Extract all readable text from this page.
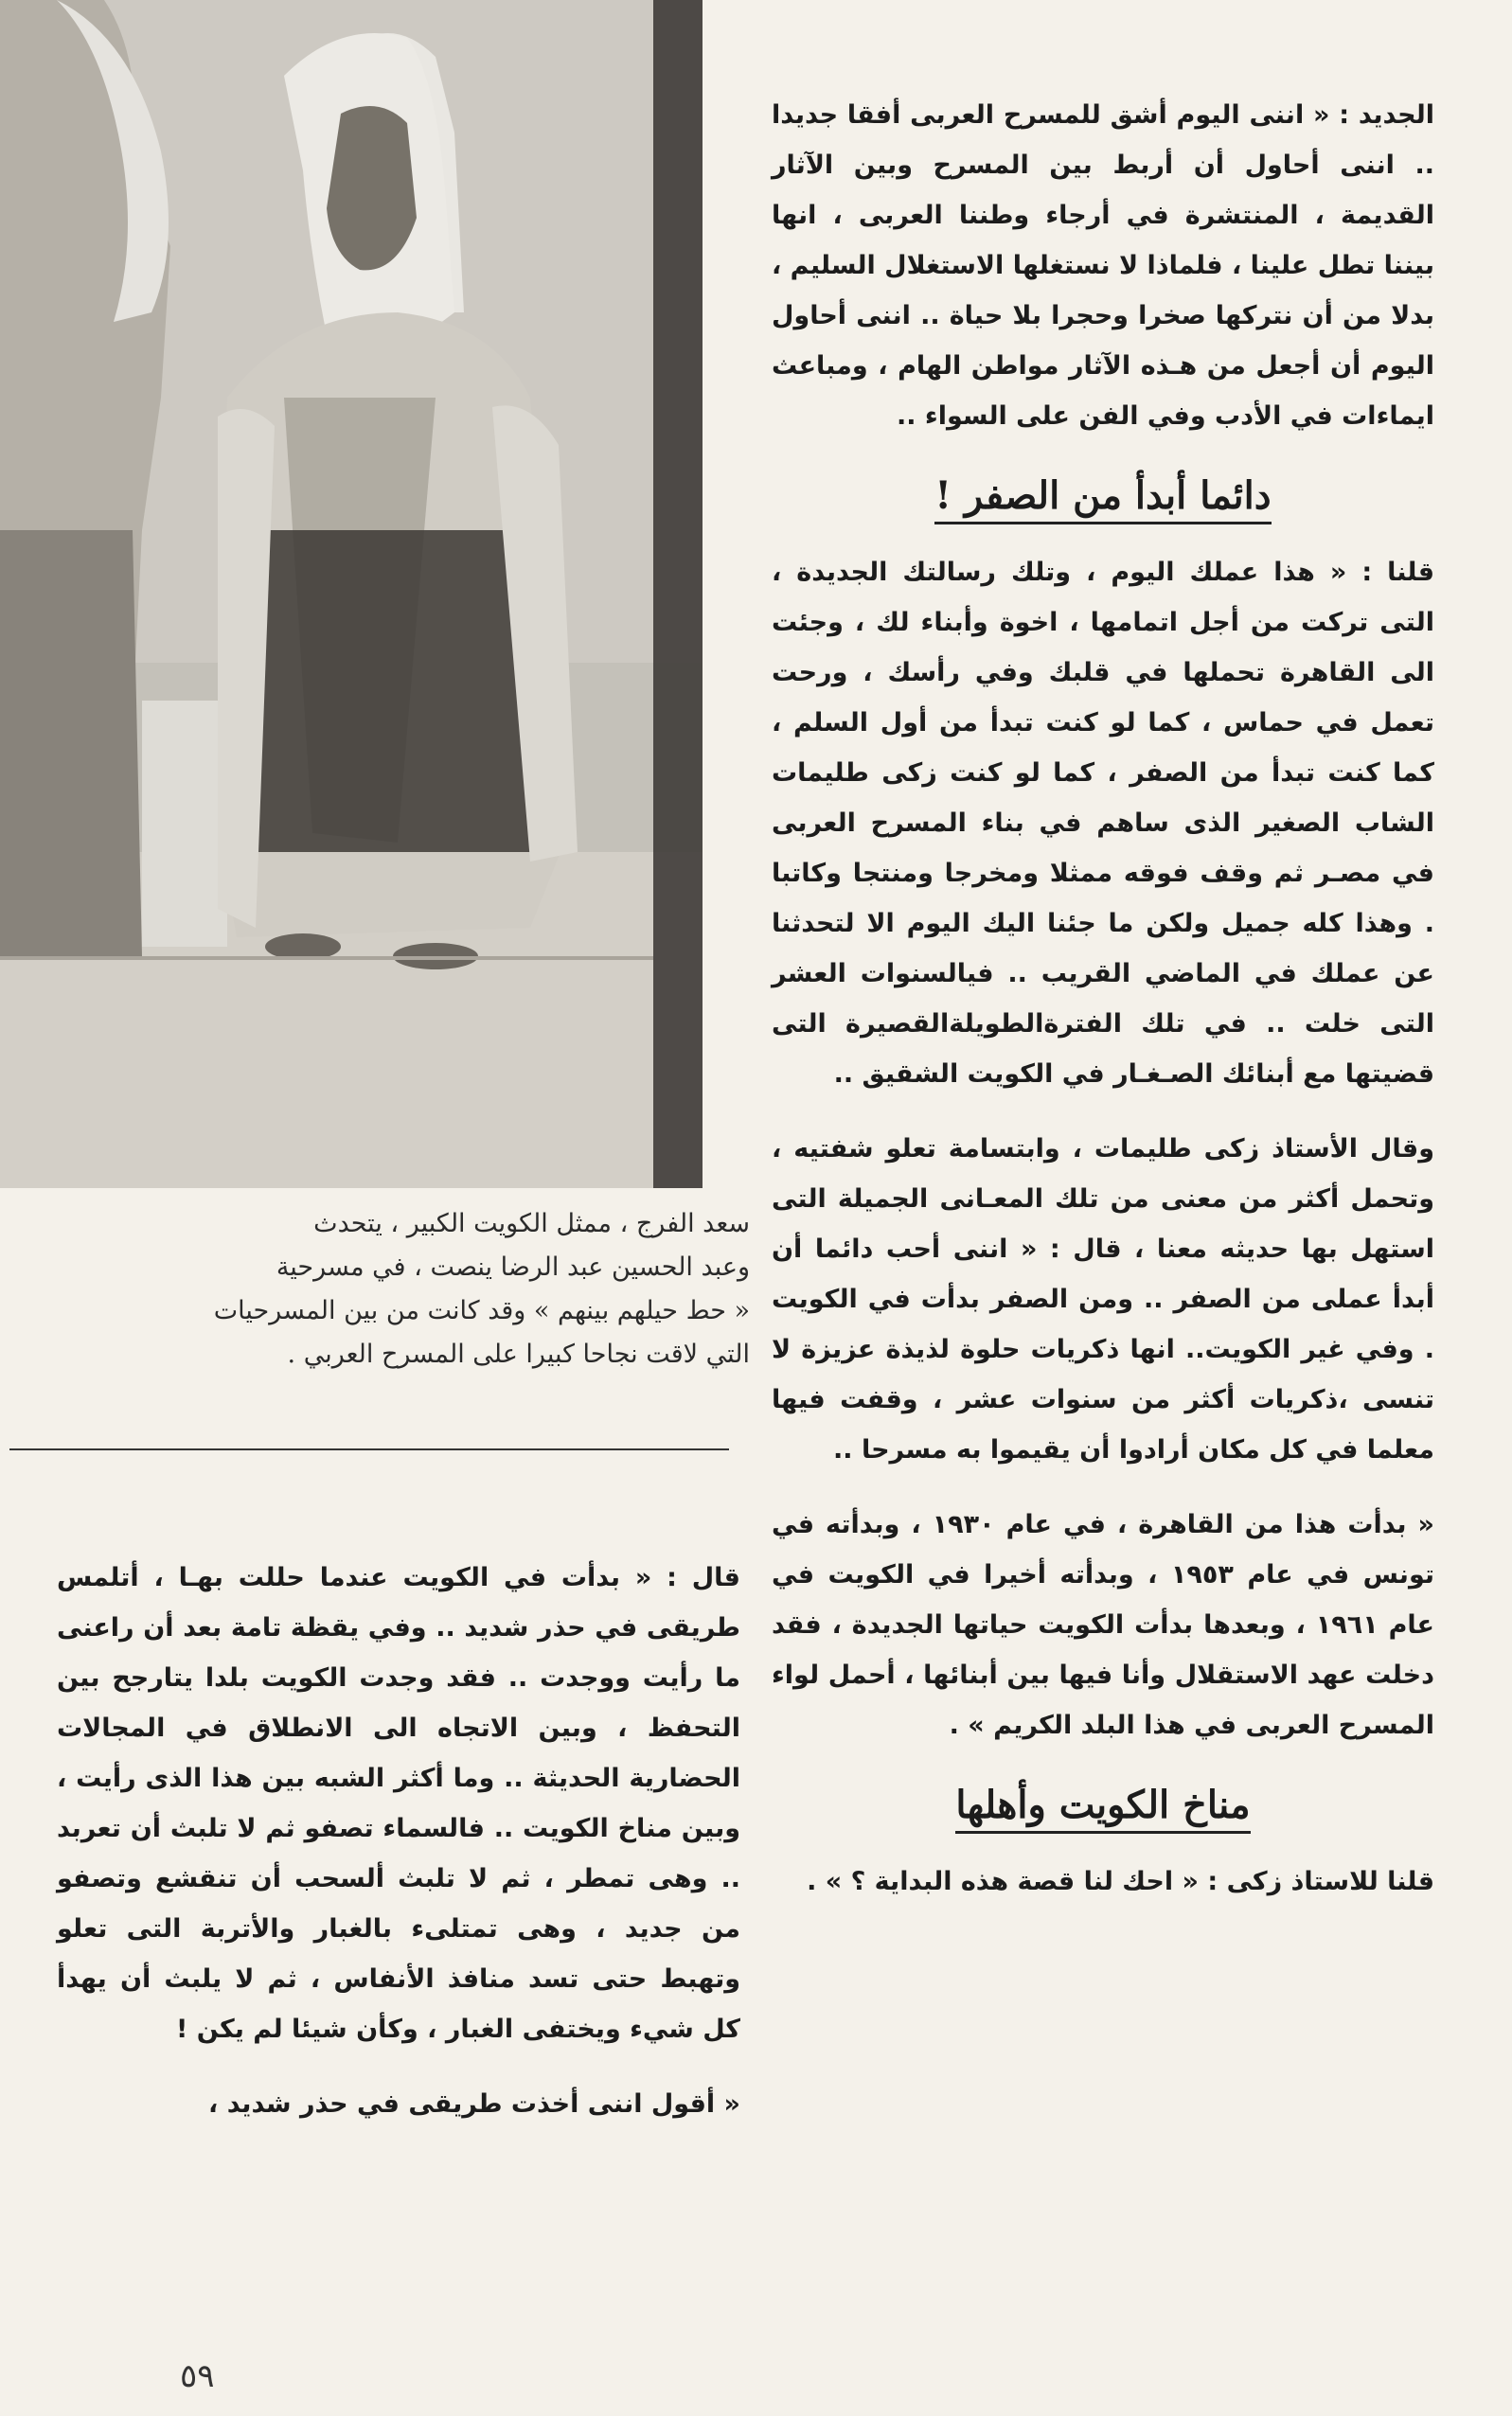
سعد الفرج ، ممثل الكويت الكبير ، يتحدث

وعبد الحسين عبد الرضا ينصت ، في مسرحية

« حط حيلهم بينهم » وقد كانت من بين المسرحيات

التي لاقت نجاحا كبيرا على المسرح العربي .

الجديد : « اننى اليوم أشق للمسرح العربى أفقا جديدا .. اننى أحاول أن أربط بين المسرح وبين الآثار القديمة ، المنتشرة في أرجاء وطننا العربى ، انها بيننا تطل علينا ، فلماذا لا نستغلها الاستغلال السليم ، بدلا من أن نتركها صخرا وحجرا بلا حياة .. اننى أحاول اليوم أن أجعل من هـذه الآثار مواطن الهام ، ومباعث ايماءات في الأدب وفي الفن على السواء ..

دائما أبدأ من الصفر !

قلنا : « هذا عملك اليوم ، وتلك رسالتك الجديدة ، التى تركت من أجل اتمامها ، اخوة وأبناء لك ، وجئت الى القاهرة تحملها في قلبك وفي رأسك ، ورحت تعمل في حماس ، كما لو كنت تبدأ من أول السلم ، كما كنت تبدأ من الصفر ، كما لو كنت زكى طليمات الشاب الصغير الذى ساهم في بناء المسرح العربى في مصـر ثم وقف فوقه ممثلا ومخرجا ومنتجا وكاتبا . وهذا كله جميل ولكن ما جئنا اليك اليوم الا لتحدثنا عن عملك في الماضي القريب .. فيالسنوات العشر التى خلت .. في تلك الفترةالطويلةالقصيرة التى قضيتها مع أبنائك الصـغـار في الكويت الشقيق ..

وقال الأستاذ زكى طليمات ، وابتسامة تعلو شفتيه ، وتحمل أكثر من معنى من تلك المعـانى الجميلة التى استهل بها حديثه معنا ، قال : « اننى أحب دائما أن أبدأ عملى من الصفر .. ومن الصفر بدأت في الكويت . وفي غير الكويت.. انها ذكريات حلوة لذيذة عزيزة لا تنسى ،ذكريات أكثر من سنوات عشر ، وقفت فيها معلما في كل مكان أرادوا أن يقيموا به مسرحا ..

« بدأت هذا من القاهرة ، في عام ١٩٣٠ ، وبدأته في تونس في عام ١٩٥٣ ، وبدأته أخيرا في الكويت في عام ١٩٦١ ، وبعدها بدأت الكويت حياتها الجديدة ، فقد دخلت عهد الاستقلال وأنا فيها بين أبنائها ، أحمل لواء المسرح العربى في هذا البلد الكريم » .

مناخ الكويت وأهلها

قلنا للاستاذ زكى : « احك لنا قصة هذه البداية ؟ » .

قال : « بدأت في الكويت عندما حللت بهـا ، أتلمس طريقى في حذر شديد .. وفي يقظة تامة بعد أن راعنى ما رأيت ووجدت .. فقد وجدت الكويت بلدا يتارجح بين التحفظ ، وبين الاتجاه الى الانطلاق في المجالات الحضارية الحديثة .. وما أكثر الشبه بين هذا الذى رأيت ، وبين مناخ الكويت .. فالسماء تصفو ثم لا تلبث أن تعربد .. وهى تمطر ، ثم لا تلبث ألسحب أن تنقشع وتصفو من جديد ، وهى تمتلىء بالغبار والأتربة التى تعلو وتهبط حتى تسد منافذ الأنفاس ، ثم لا يلبث أن يهدأ كل شيء ويختفى الغبار ، وكأن شيئا لم يكن !

« أقول اننى أخذت طريقى في حذر شديد ،

٥٩
